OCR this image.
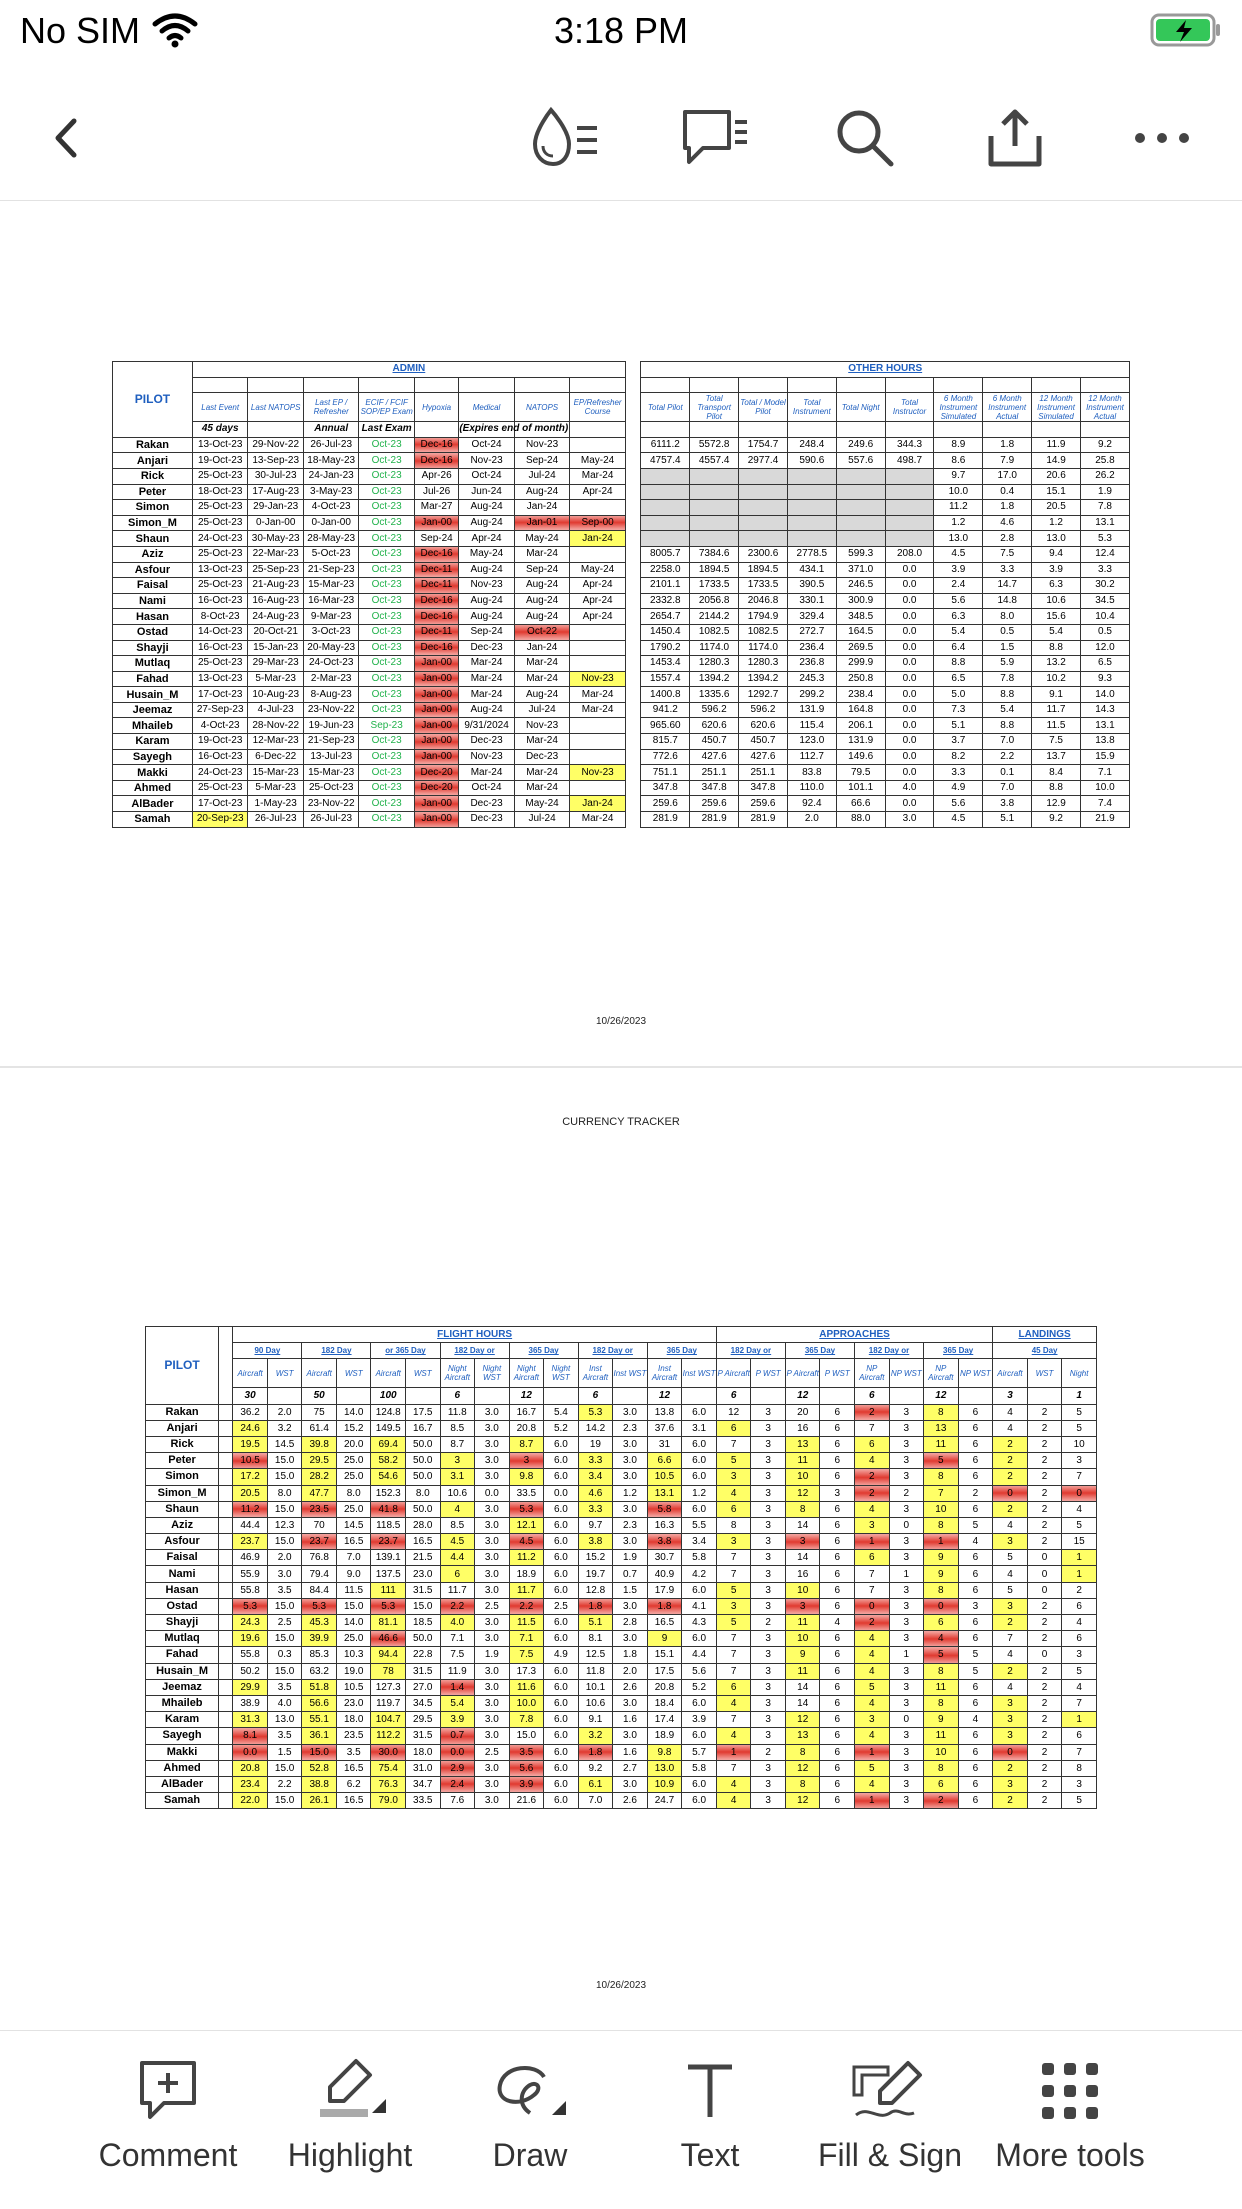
No SIM	3:18 PM
PILOT	ADMIN									OTHER HOURS									

	Last Event	Last NATOPS	Last EP / Refresher	ECIF / FCIF SOP/EP Exam	Hypoxia	Medical	NATOPS	EP/Refresher Course		Total Pilot	Total Transport Pilot	Total / Model Pilot	Total Instrument	Total Night	Total Instructor	6 Month Instrument Simulated	6 Month Instrument Actual	12 Month Instrument Simulated	12 Month Instrument Actual
	45 days		Annual	Last Exam		(Expires end of month)													
Rakan	13-Oct-23	29-Nov-22	26-Jul-23	Oct-23	Dec-16	Oct-24	Nov-23			6111.2	5572.8	1754.7	248.4	249.6	344.3	8.9	1.8	11.9	9.2
Anjari	19-Oct-23	13-Sep-23	18-May-23	Oct-23	Dec-16	Nov-23	Sep-24	May-24		4757.4	4557.4	2977.4	590.6	557.6	498.7	8.6	7.9	14.9	25.8
Rick	25-Oct-23	30-Jul-23	24-Jan-23	Oct-23	Apr-26	Oct-24	Jul-24	Mar-24								9.7	17.0	20.6	26.2
Peter	18-Oct-23	17-Aug-23	3-May-23	Oct-23	Jul-26	Jun-24	Aug-24	Apr-24								10.0	0.4	15.1	1.9
Simon	25-Oct-23	29-Jan-23	4-Oct-23	Oct-23	Mar-27	Aug-24	Jan-24									11.2	1.8	20.5	7.8
Simon_M	25-Oct-23	0-Jan-00	0-Jan-00	Oct-23	Jan-00	Aug-24	Jan-01	Sep-00								1.2	4.6	1.2	13.1
Shaun	24-Oct-23	30-May-23	28-May-23	Oct-23	Sep-24	Apr-24	May-24	Jan-24								13.0	2.8	13.0	5.3
Aziz	25-Oct-23	22-Mar-23	5-Oct-23	Oct-23	Dec-16	May-24	Mar-24			8005.7	7384.6	2300.6	2778.5	599.3	208.0	4.5	7.5	9.4	12.4
Asfour	13-Oct-23	25-Sep-23	21-Sep-23	Oct-23	Dec-11	Aug-24	Sep-24	May-24		2258.0	1894.5	1894.5	434.1	371.0	0.0	3.9	3.3	3.9	3.3
Faisal	25-Oct-23	21-Aug-23	15-Mar-23	Oct-23	Dec-11	Nov-23	Aug-24	Apr-24		2101.1	1733.5	1733.5	390.5	246.5	0.0	2.4	14.7	6.3	30.2
Nami	16-Oct-23	16-Aug-23	16-Mar-23	Oct-23	Dec-16	Aug-24	Aug-24	Apr-24		2332.8	2056.8	2046.8	330.1	300.9	0.0	5.6	14.8	10.6	34.5
Hasan	8-Oct-23	24-Aug-23	9-Mar-23	Oct-23	Dec-16	Aug-24	Aug-24	Apr-24		2654.7	2144.2	1794.9	329.4	348.5	0.0	6.3	8.0	15.6	10.4
Ostad	14-Oct-23	20-Oct-21	3-Oct-23	Oct-23	Dec-11	Sep-24	Oct-22			1450.4	1082.5	1082.5	272.7	164.5	0.0	5.4	0.5	5.4	0.5
Shayji	16-Oct-23	15-Jan-23	20-May-23	Oct-23	Dec-16	Dec-23	Jan-24			1790.2	1174.0	1174.0	236.4	269.5	0.0	6.4	1.5	8.8	12.0
Mutlaq	25-Oct-23	29-Mar-23	24-Oct-23	Oct-23	Jan-00	Mar-24	Mar-24			1453.4	1280.3	1280.3	236.8	299.9	0.0	8.8	5.9	13.2	6.5
Fahad	13-Oct-23	5-Mar-23	2-Mar-23	Oct-23	Jan-00	Mar-24	Mar-24	Nov-23		1557.4	1394.2	1394.2	245.3	250.8	0.0	6.5	7.8	10.2	9.3
Husain_M	17-Oct-23	10-Aug-23	8-Aug-23	Oct-23	Jan-00	Mar-24	Aug-24	Mar-24		1400.8	1335.6	1292.7	299.2	238.4	0.0	5.0	8.8	9.1	14.0
Jeemaz	27-Sep-23	4-Jul-23	23-Nov-22	Oct-23	Jan-00	Aug-24	Jul-24	Mar-24		941.2	596.2	596.2	131.9	164.8	0.0	7.3	5.4	11.7	14.3
Mhaileb	4-Oct-23	28-Nov-22	19-Jun-23	Sep-23	Jan-00	9/31/2024	Nov-23			965.60	620.6	620.6	115.4	206.1	0.0	5.1	8.8	11.5	13.1
Karam	19-Oct-23	12-Mar-23	21-Sep-23	Oct-23	Jan-00	Dec-23	Mar-24			815.7	450.7	450.7	123.0	131.9	0.0	3.7	7.0	7.5	13.8
Sayegh	16-Oct-23	6-Dec-22	13-Jul-23	Oct-23	Jan-00	Nov-23	Dec-23			772.6	427.6	427.6	112.7	149.6	0.0	8.2	2.2	13.7	15.9
Makki	24-Oct-23	15-Mar-23	15-Mar-23	Oct-23	Dec-20	Mar-24	Mar-24	Nov-23		751.1	251.1	251.1	83.8	79.5	0.0	3.3	0.1	8.4	7.1
Ahmed	25-Oct-23	5-Mar-23	25-Oct-23	Oct-23	Dec-20	Oct-24	Mar-24			347.8	347.8	347.8	110.0	101.1	4.0	4.9	7.0	8.8	10.0
AlBader	17-Oct-23	1-May-23	23-Nov-22	Oct-23	Jan-00	Dec-23	May-24	Jan-24		259.6	259.6	259.6	92.4	66.6	0.0	5.6	3.8	12.9	7.4
Samah	20-Sep-23	26-Jul-23	26-Jul-23	Oct-23	Jan-00	Dec-23	Jul-24	Mar-24		281.9	281.9	281.9	2.0	88.0	3.0	4.5	5.1	9.2	21.9
10/26/2023
CURRENCY TRACKER
PILOT		FLIGHT HOURS														APPROACHES								LANDINGS		
		90 Day		182 Day		or 365 Day		182 Day or		365 Day		182 Day or		365 Day		182 Day or		365 Day		182 Day or		365 Day		45 Day		
		Aircraft	WST	Aircraft	WST	Aircraft	WST	Night Aircraft	Night WST	Night Aircraft	Night WST	Inst Aircraft	Inst WST	Inst Aircraft	Inst WST	P Aircraft	P WST	P Aircraft	P WST	NP Aircraft	NP WST	NP Aircraft	NP WST	Aircraft	WST	Night
		30		50		100		6		12		6		12		6		12		6		12		3		1
Rakan		36.2	2.0	75	14.0	124.8	17.5	11.8	3.0	16.7	5.4	5.3	3.0	13.8	6.0	12	3	20	6	2	3	8	6	4	2	5
Anjari		24.6	3.2	61.4	15.2	149.5	16.7	8.5	3.0	20.8	5.2	14.2	2.3	37.6	3.1	6	3	16	6	7	3	13	6	4	2	5
Rick		19.5	14.5	39.8	20.0	69.4	50.0	8.7	3.0	8.7	6.0	19	3.0	31	6.0	7	3	13	6	6	3	11	6	2	2	10
Peter		10.5	15.0	29.5	25.0	58.2	50.0	3	3.0	3	6.0	3.3	3.0	6.6	6.0	5	3	11	6	4	3	5	6	2	2	3
Simon		17.2	15.0	28.2	25.0	54.6	50.0	3.1	3.0	9.8	6.0	3.4	3.0	10.5	6.0	3	3	10	6	2	3	8	6	2	2	7
Simon_M		20.5	8.0	47.7	8.0	152.3	8.0	10.6	0.0	33.5	0.0	4.6	1.2	13.1	1.2	4	3	12	3	2	2	7	2	0	2	0
Shaun		11.2	15.0	23.5	25.0	41.8	50.0	4	3.0	5.3	6.0	3.3	3.0	5.8	6.0	6	3	8	6	4	3	10	6	2	2	4
Aziz		44.4	12.3	70	14.5	118.5	28.0	8.5	3.0	12.1	6.0	9.7	2.3	16.3	5.5	8	3	14	6	3	0	8	5	4	2	5
Asfour		23.7	15.0	23.7	16.5	23.7	16.5	4.5	3.0	4.5	6.0	3.8	3.0	3.8	3.4	3	3	3	6	1	3	1	4	3	2	15
Faisal		46.9	2.0	76.8	7.0	139.1	21.5	4.4	3.0	11.2	6.0	15.2	1.9	30.7	5.8	7	3	14	6	6	3	9	6	5	0	1
Nami		55.9	3.0	79.4	9.0	137.5	23.0	6	3.0	18.9	6.0	19.7	0.7	40.9	4.2	7	3	16	6	7	1	9	6	4	0	1
Hasan		55.8	3.5	84.4	11.5	111	31.5	11.7	3.0	11.7	6.0	12.8	1.5	17.9	6.0	5	3	10	6	7	3	8	6	5	0	2
Ostad		5.3	15.0	5.3	15.0	5.3	15.0	2.2	2.5	2.2	2.5	1.8	3.0	1.8	4.1	3	3	3	6	0	3	0	3	3	2	6
Shayji		24.3	2.5	45.3	14.0	81.1	18.5	4.0	3.0	11.5	6.0	5.1	2.8	16.5	4.3	5	2	11	4	2	3	6	6	2	2	4
Mutlaq		19.6	15.0	39.9	25.0	46.6	50.0	7.1	3.0	7.1	6.0	8.1	3.0	9	6.0	7	3	10	6	4	3	4	6	7	2	6
Fahad		55.8	0.3	85.3	10.3	94.4	22.8	7.5	1.9	7.5	4.9	12.5	1.8	15.1	4.4	7	3	9	6	4	1	5	5	4	0	3
Husain_M		50.2	15.0	63.2	19.0	78	31.5	11.9	3.0	17.3	6.0	11.8	2.0	17.5	5.6	7	3	11	6	4	3	8	5	2	2	5
Jeemaz		29.9	3.5	51.8	10.5	127.3	27.0	1.4	3.0	11.6	6.0	10.1	2.6	20.8	5.2	6	3	14	6	5	3	11	6	4	2	4
Mhaileb		38.9	4.0	56.6	23.0	119.7	34.5	5.4	3.0	10.0	6.0	10.6	3.0	18.4	6.0	4	3	14	6	4	3	8	6	3	2	7
Karam		31.3	13.0	55.1	18.0	104.7	29.5	3.9	3.0	7.8	6.0	9.1	1.6	17.4	3.9	7	3	12	6	3	0	9	4	3	2	1
Sayegh		8.1	3.5	36.1	23.5	112.2	31.5	0.7	3.0	15.0	6.0	3.2	3.0	18.9	6.0	4	3	13	6	4	3	11	6	3	2	6
Makki		0.0	1.5	15.0	3.5	30.0	18.0	0.0	2.5	3.5	6.0	1.8	1.6	9.8	5.7	1	2	8	6	1	3	10	6	0	2	7
Ahmed		20.8	15.0	52.8	16.5	75.4	31.0	2.9	3.0	5.6	6.0	9.2	2.7	13.0	5.8	7	3	12	6	5	3	8	6	2	2	8
AlBader		23.4	2.2	38.8	6.2	76.3	34.7	2.4	3.0	3.9	6.0	6.1	3.0	10.9	6.0	4	3	8	6	4	3	6	6	3	2	3
Samah		22.0	15.0	26.1	16.5	79.0	33.5	7.6	3.0	21.6	6.0	7.0	2.6	24.7	6.0	4	3	12	6	1	3	2	6	2	2	5
10/26/2023
Comment	Highlight	Draw	Text	Fill & Sign	More tools
